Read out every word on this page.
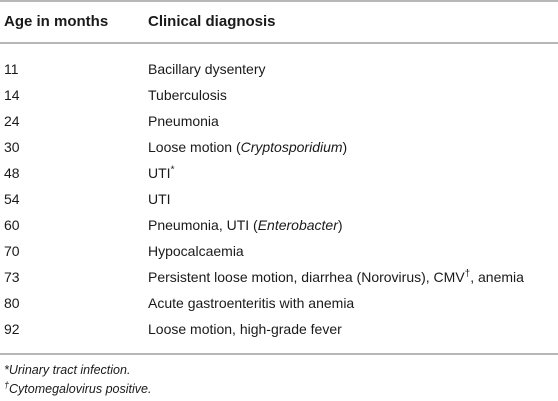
Age in months	Clinical diagnosis
11	Bacillary dysentery
14	Tuberculosis
24	Pneumonia
30	Loose motion (Cryptosporidium)
48	UTI*
54	UTI
60	Pneumonia, UTI (Enterobacter)
70	Hypocalcaemia
73	Persistent loose motion, diarrhea (Norovirus), CMV†, anemia
80	Acute gastroenteritis with anemia
92	Loose motion, high-grade fever
*Urinary tract infection.
†Cytomegalovirus positive.
